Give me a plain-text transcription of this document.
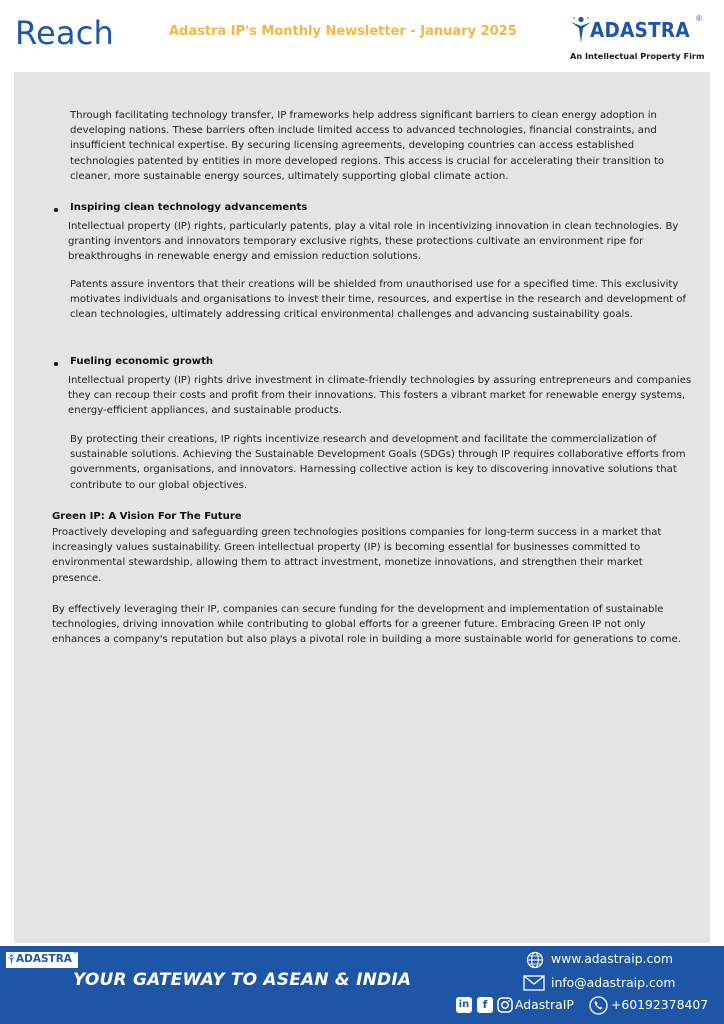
Reach	Adastra IP's Monthly Newsletter - January 2025	ADASTRA ®
An Intellectual Property Firm

Through facilitating technology transfer, IP frameworks help address significant barriers to clean energy adoption in developing nations. These barriers often include limited access to advanced technologies, financial constraints, and insufficient technical expertise. By securing licensing agreements, developing countries can access established technologies patented by entities in more developed regions. This access is crucial for accelerating their transition to cleaner, more sustainable energy sources, ultimately supporting global climate action.

Inspiring clean technology advancements

Intellectual property (IP) rights, particularly patents, play a vital role in incentivizing innovation in clean technologies. By granting inventors and innovators temporary exclusive rights, these protections cultivate an environment ripe for breakthroughs in renewable energy and emission reduction solutions.

Patents assure inventors that their creations will be shielded from unauthorised use for a specified time. This exclusivity motivates individuals and organisations to invest their time, resources, and expertise in the research and development of clean technologies, ultimately addressing critical environmental challenges and advancing sustainability goals.

Fueling economic growth

Intellectual property (IP) rights drive investment in climate-friendly technologies by assuring entrepreneurs and companies they can recoup their costs and profit from their innovations. This fosters a vibrant market for renewable energy systems, energy-efficient appliances, and sustainable products.

By protecting their creations, IP rights incentivize research and development and facilitate the commercialization of sustainable solutions. Achieving the Sustainable Development Goals (SDGs) through IP requires collaborative efforts from governments, organisations, and innovators. Harnessing collective action is key to discovering innovative solutions that contribute to our global objectives.

Green IP: A Vision For The Future

Proactively developing and safeguarding green technologies positions companies for long-term success in a market that increasingly values sustainability. Green intellectual property (IP) is becoming essential for businesses committed to environmental stewardship, allowing them to attract investment, monetize innovations, and strengthen their market presence.

By effectively leveraging their IP, companies can secure funding for the development and implementation of sustainable technologies, driving innovation while contributing to global efforts for a greener future. Embracing Green IP not only enhances a company's reputation but also plays a pivotal role in building a more sustainable world for generations to come.

ADASTRA ®
YOUR GATEWAY TO ASEAN & INDIA
www.adastraip.com
info@adastraip.com
in	f	AdastraIP	+60192378407
